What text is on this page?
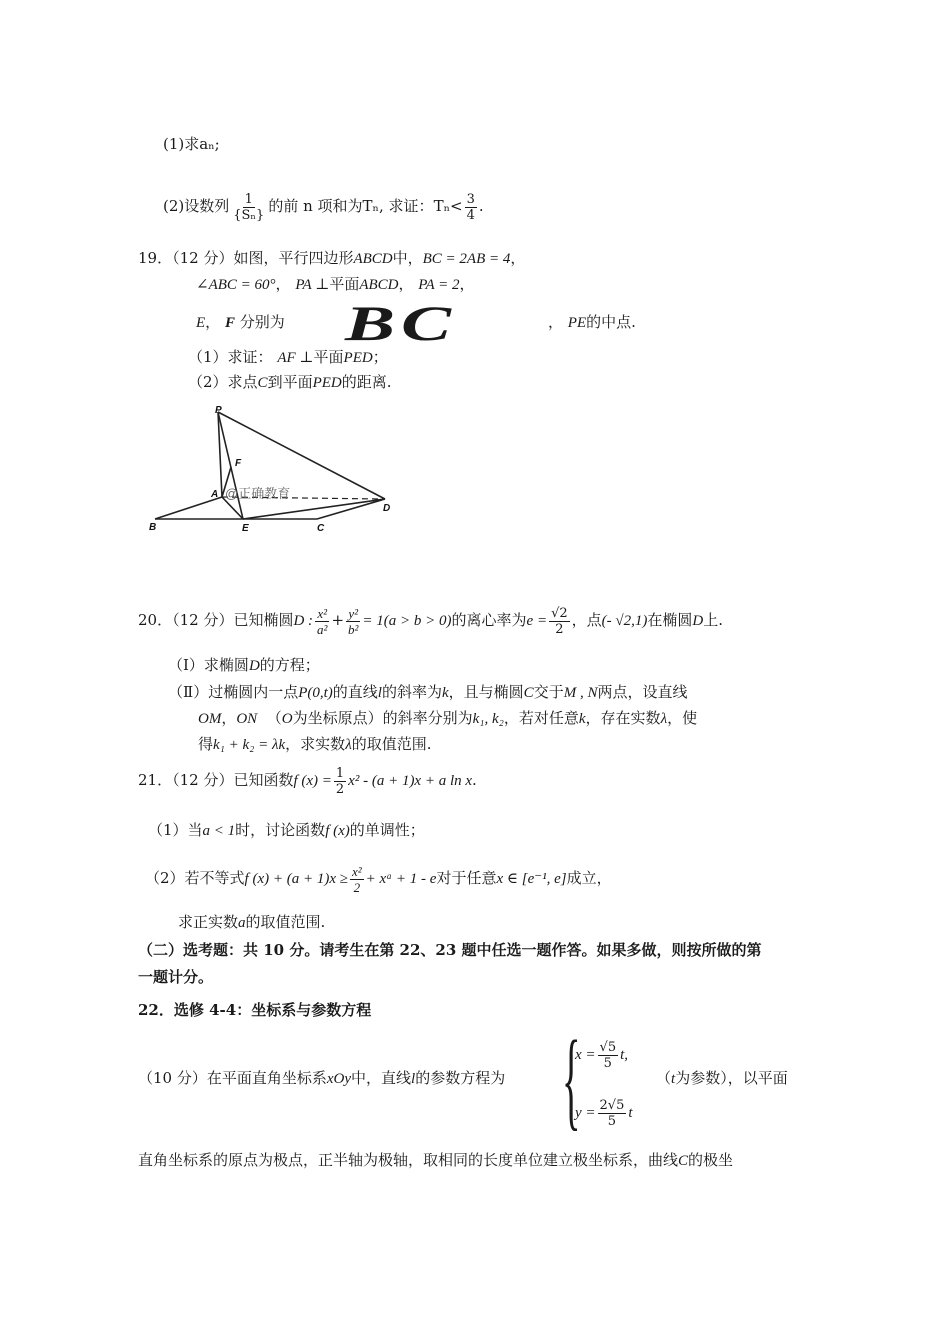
(1)求aₙ;
(2)设数列 $\frac{1}{\text{\{Sₙ\}}}$ 的前 n 项和为Tₙ, 求证：$T_n< \frac{3}{4}$ .
19．（12 分）如图，平行四边形ABCD中，BC = 2AB = 4，
∠ABC = 60°， PA ⊥平面ABCD， PA = 2，
E， F 分别为 BC	， PE的中点.
（1）求证： AF ⊥平面PED；
（2）求点C到平面PED的距离.
@正确教育
P
F
A
D
B	E	C
20．（12 分）已知椭圆D : $\frac{\text{x²}}{\text{a²}} + \frac{\text{y²}}{\text{b²}} = 1(a > b > 0)$的离心率为$e = \frac{√2}{2}$ ，点(- √2,1)在椭圆D上.
（Ⅰ）求椭圆D的方程；
（Ⅱ）过椭圆内一点P(0,t)的直线l的斜率为k，且与椭圆C交于M , N两点，设直线
OM，ON （O为坐标原点）的斜率分别为k₁, k₂，若对任意k，存在实数λ，使
得k₁ + k₂ = λk，求实数λ的取值范围.
21．（12 分）已知函数f $(x) = \frac{1}{2} x^2 - (a + 1)x + a$ ln x.
（1）当a < 1时，讨论函数f (x)的单调性；
（2）若不等式f $(x) + (a + 1)x \ge \frac{\text{x²}}{2}$ + xᵃ + 1 - e对于任意x ∈ [e⁻¹, e]成立，
求正实数a的取值范围.
（二）选考题：共 10 分。请考生在第 22、23 题中任选一题作答。如果多做，则按所做的第
一题计分。
22．选修 4-4：坐标系与参数方程
（10 分）在平面直角坐标系xOy中，直线l的参数方程为 {
$x = \frac{√5}{5} t$,
$y = \frac{2√5}{5}$ t
（t为参数），以平面
直角坐标系的原点为极点，正半轴为极轴，取相同的长度单位建立极坐标系，曲线C的极坐
